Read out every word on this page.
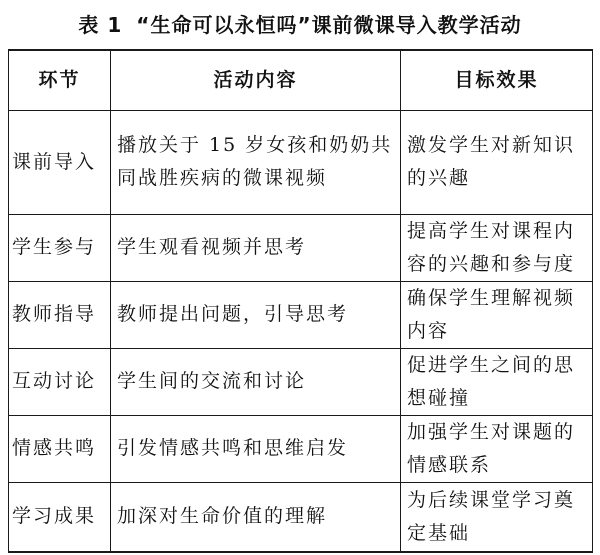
表 1 “生命可以永恒吗”课前微课导入教学活动
环节	活动内容	目标效果
课前导入	播放关于 15 岁女孩和奶奶共同战胜疾病的微课视频	激发学生对新知识的兴趣
学生参与	学生观看视频并思考	提高学生对课程内容的兴趣和参与度
教师指导	教师提出问题，引导思考	确保学生理解视频内容
互动讨论	学生间的交流和讨论	促进学生之间的思想碰撞
情感共鸣	引发情感共鸣和思维启发	加强学生对课题的情感联系
学习成果	加深对生命价值的理解	为后续课堂学习奠定基础
